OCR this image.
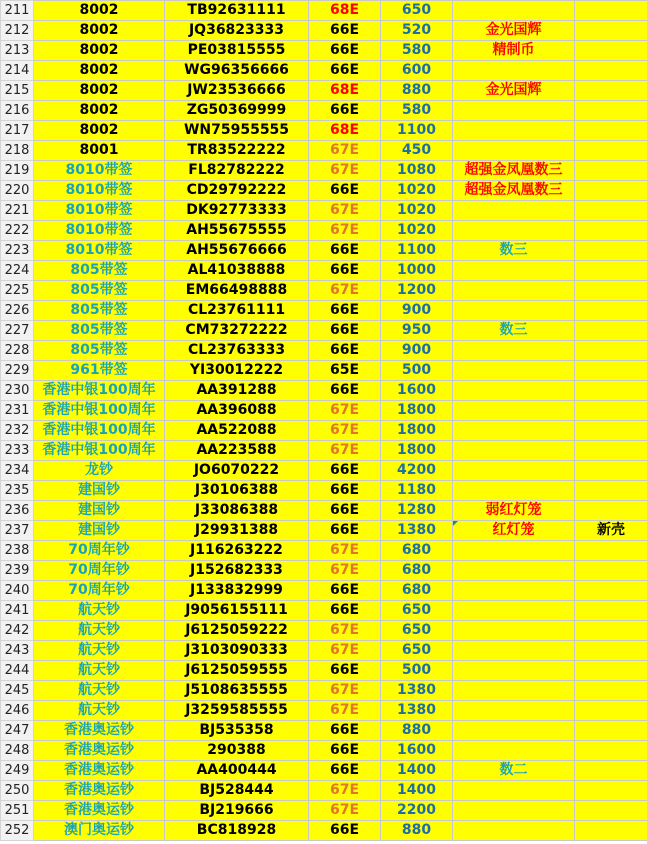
211	8002	TB92631111	68E	650		
212	8002	JQ36823333	66E	520	金光国辉	
213	8002	PE03815555	66E	580	精制币	
214	8002	WG96356666	66E	600		
215	8002	JW23536666	68E	880	金光国辉	
216	8002	ZG50369999	66E	580		
217	8002	WN75955555	68E	1100		
218	8001	TR83522222	67E	450		
219	8010带签	FL82782222	67E	1080	超强金凤凰数三	
220	8010带签	CD29792222	66E	1020	超强金凤凰数三	
221	8010带签	DK92773333	67E	1020		
222	8010带签	AH55675555	67E	1020		
223	8010带签	AH55676666	66E	1100	数三	
224	805带签	AL41038888	66E	1000		
225	805带签	EM66498888	67E	1200		
226	805带签	CL23761111	66E	900		
227	805带签	CM73272222	66E	950	数三	
228	805带签	CL23763333	66E	900		
229	961带签	YI30012222	65E	500		
230	香港中银100周年	AA391288	66E	1600		
231	香港中银100周年	AA396088	67E	1800		
232	香港中银100周年	AA522088	67E	1800		
233	香港中银100周年	AA223588	67E	1800		
234	龙钞	JO6070222	66E	4200		
235	建国钞	J30106388	66E	1180		
236	建国钞	J33086388	66E	1280	弱红灯笼	
237	建国钞	J29931388	66E	1380	红灯笼	新壳
238	70周年钞	J116263222	67E	680		
239	70周年钞	J152682333	67E	680		
240	70周年钞	J133832999	66E	680		
241	航天钞	J9056155111	66E	650		
242	航天钞	J6125059222	67E	650		
243	航天钞	J3103090333	67E	650		
244	航天钞	J6125059555	66E	500		
245	航天钞	J5108635555	67E	1380		
246	航天钞	J3259585555	67E	1380		
247	香港奥运钞	BJ535358	66E	880		
248	香港奥运钞	290388	66E	1600		
249	香港奥运钞	AA400444	66E	1400	数二	
250	香港奥运钞	BJ528444	67E	1400		
251	香港奥运钞	BJ219666	67E	2200		
252	澳门奥运钞	BC818928	66E	880		
